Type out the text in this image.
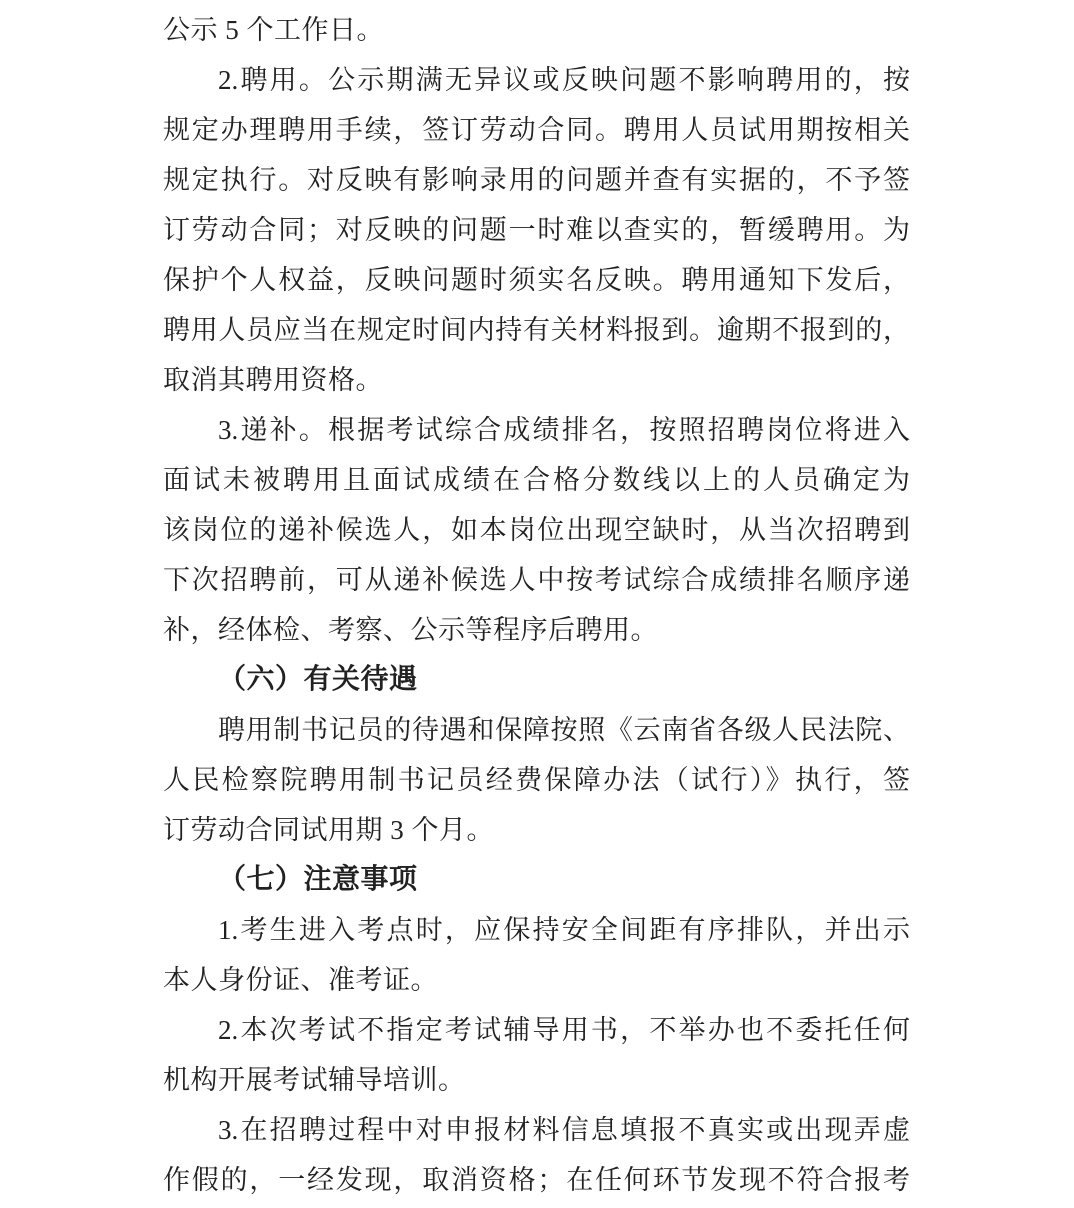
公示 5 个工作日。
2.聘用。公示期满无异议或反映问题不影响聘用的，按
规定办理聘用手续，签订劳动合同。聘用人员试用期按相关
规定执行。对反映有影响录用的问题并查有实据的，不予签
订劳动合同；对反映的问题一时难以查实的，暂缓聘用。为
保护个人权益，反映问题时须实名反映。聘用通知下发后，
聘用人员应当在规定时间内持有关材料报到。逾期不报到的，
取消其聘用资格。
3.递补。根据考试综合成绩排名，按照招聘岗位将进入
面试未被聘用且面试成绩在合格分数线以上的人员确定为
该岗位的递补候选人，如本岗位出现空缺时，从当次招聘到
下次招聘前，可从递补候选人中按考试综合成绩排名顺序递
补，经体检、考察、公示等程序后聘用。
（六）有关待遇
聘用制书记员的待遇和保障按照《云南省各级人民法院、
人民检察院聘用制书记员经费保障办法（试行）》执行，签
订劳动合同试用期 3 个月。
（七）注意事项
1.考生进入考点时，应保持安全间距有序排队，并出示
本人身份证、准考证。
2.本次考试不指定考试辅导用书，不举办也不委托任何
机构开展考试辅导培训。
3.在招聘过程中对申报材料信息填报不真实或出现弄虚
作假的，一经发现，取消资格；在任何环节发现不符合报考
